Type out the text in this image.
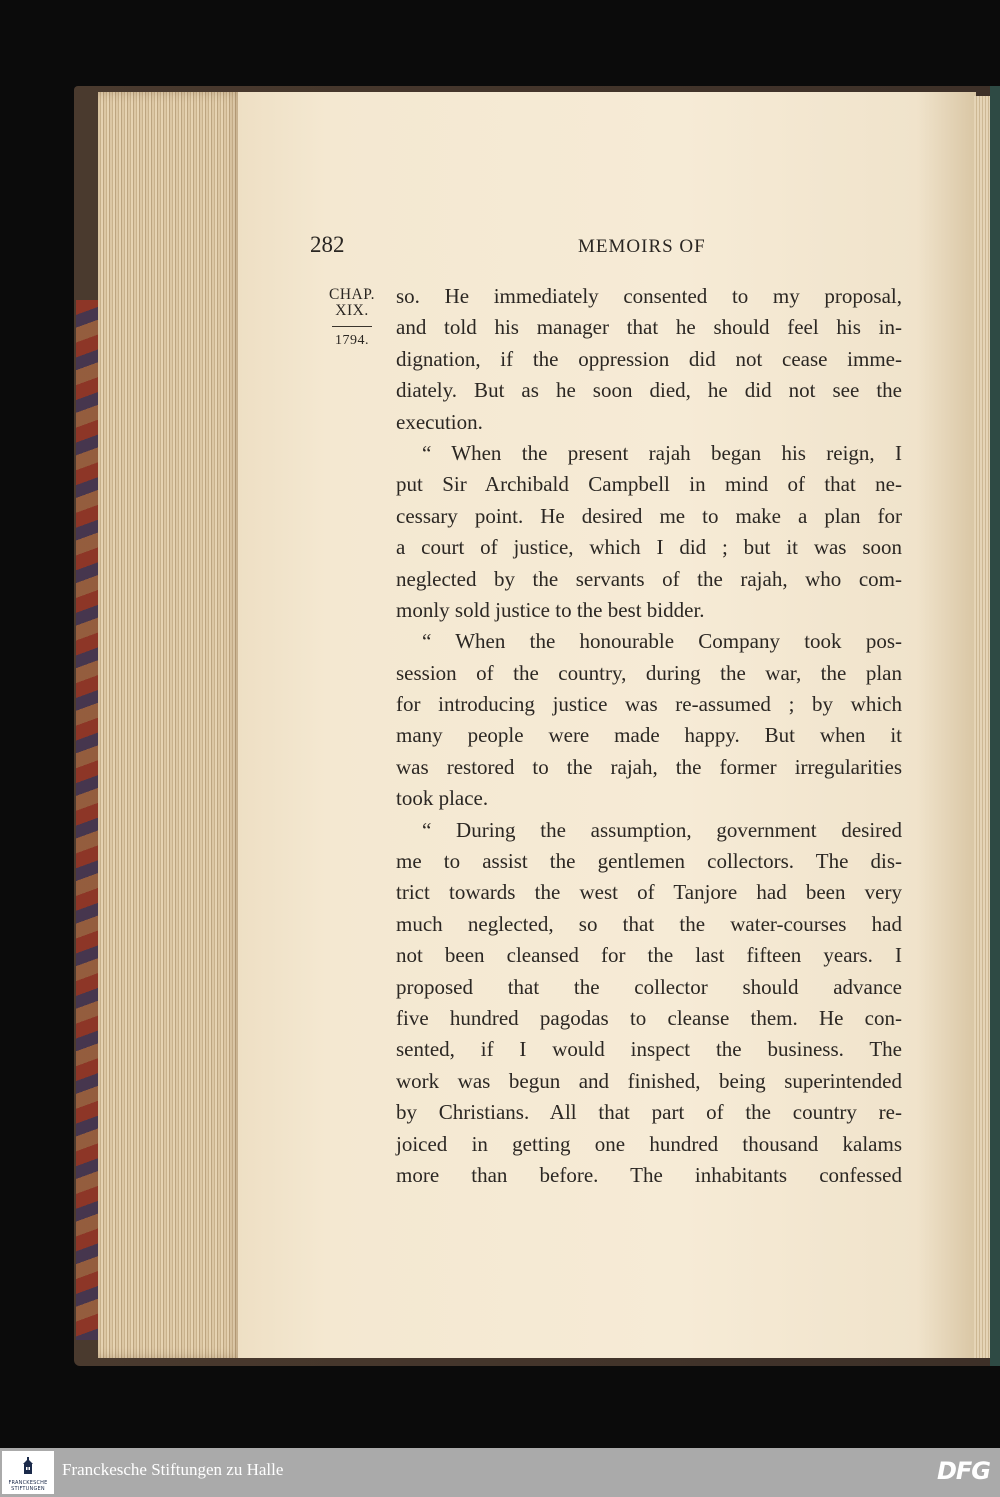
282	MEMOIRS OF
CHAP.
XIX.
1794.
so. He immediately consented to my proposal,
and told his manager that he should feel his in-
dignation, if the oppression did not cease imme-
diately. But as he soon died, he did not see the
execution.
“ When the present rajah began his reign, I
put Sir Archibald Campbell in mind of that ne-
cessary point. He desired me to make a plan for
a court of justice, which I did ; but it was soon
neglected by the servants of the rajah, who com-
monly sold justice to the best bidder.
“ When the honourable Company took pos-
session of the country, during the war, the plan
for introducing justice was re-assumed ; by which
many people were made happy. But when it
was restored to the rajah, the former irregularities
took place.
“ During the assumption, government desired
me to assist the gentlemen collectors. The dis-
trict towards the west of Tanjore had been very
much neglected, so that the water-courses had
not been cleansed for the last fifteen years. I
proposed that the collector should advance
five hundred pagodas to cleanse them. He con-
sented, if I would inspect the business. The
work was begun and finished, being superintended
by Christians. All that part of the country re-
joiced in getting one hundred thousand kalams
more than before. The inhabitants confessed
FRANCKESCHE
STIFTUNGEN
Franckesche Stiftungen zu Halle	DFG
